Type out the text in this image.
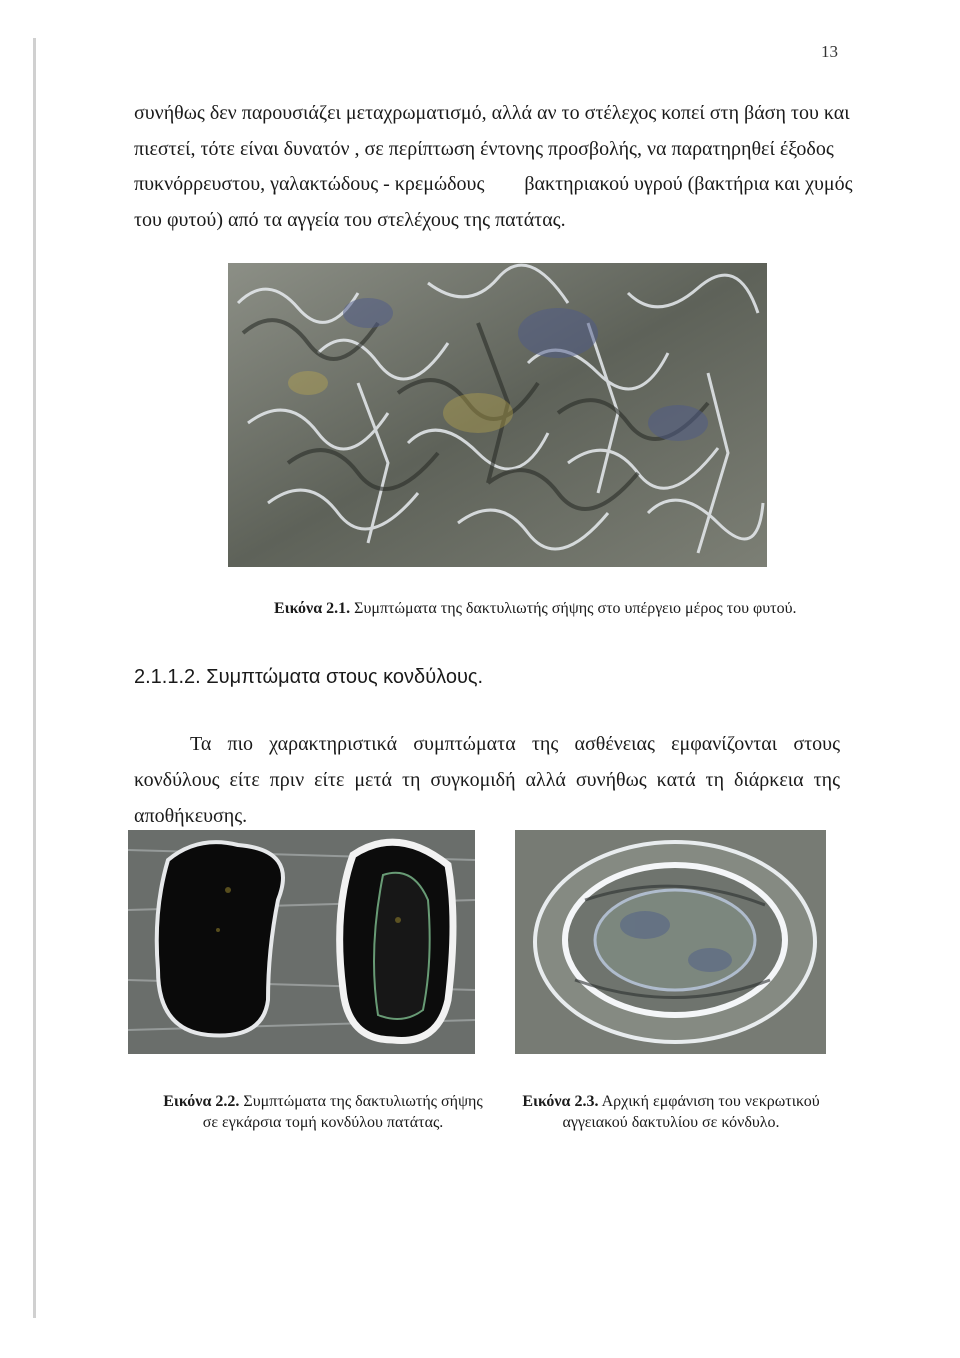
13
συνήθως δεν παρουσιάζει μεταχρωματισμό, αλλά αν το στέλεχος κοπεί στη βάση του και
πιεστεί, τότε είναι δυνατόν , σε περίπτωση έντονης προσβολής, να παρατηρηθεί έξοδος
πυκνόρρευστου, γαλακτώδους - κρεμώδους βακτηριακού υγρού (βακτήρια και χυμός
του φυτού) από τα αγγεία του στελέχους της πατάτας.
Εικόνα 2.1. Συμπτώματα της δακτυλιωτής σήψης στο υπέργειο μέρος του φυτού.
2.1.1.2. Συμπτώματα στους κονδύλους.
Τα πιο χαρακτηριστικά συμπτώματα της ασθένειας εμφανίζονται στους
κονδύλους είτε πριν είτε μετά τη συγκομιδή αλλά συνήθως κατά τη διάρκεια της
αποθήκευσης.
Εικόνα 2.2. Συμπτώματα της δακτυλιωτής σήψης
σε εγκάρσια τομή κονδύλου πατάτας.
Εικόνα 2.3. Αρχική εμφάνιση του νεκρωτικού
αγγειακού δακτυλίου σε κόνδυλο.
